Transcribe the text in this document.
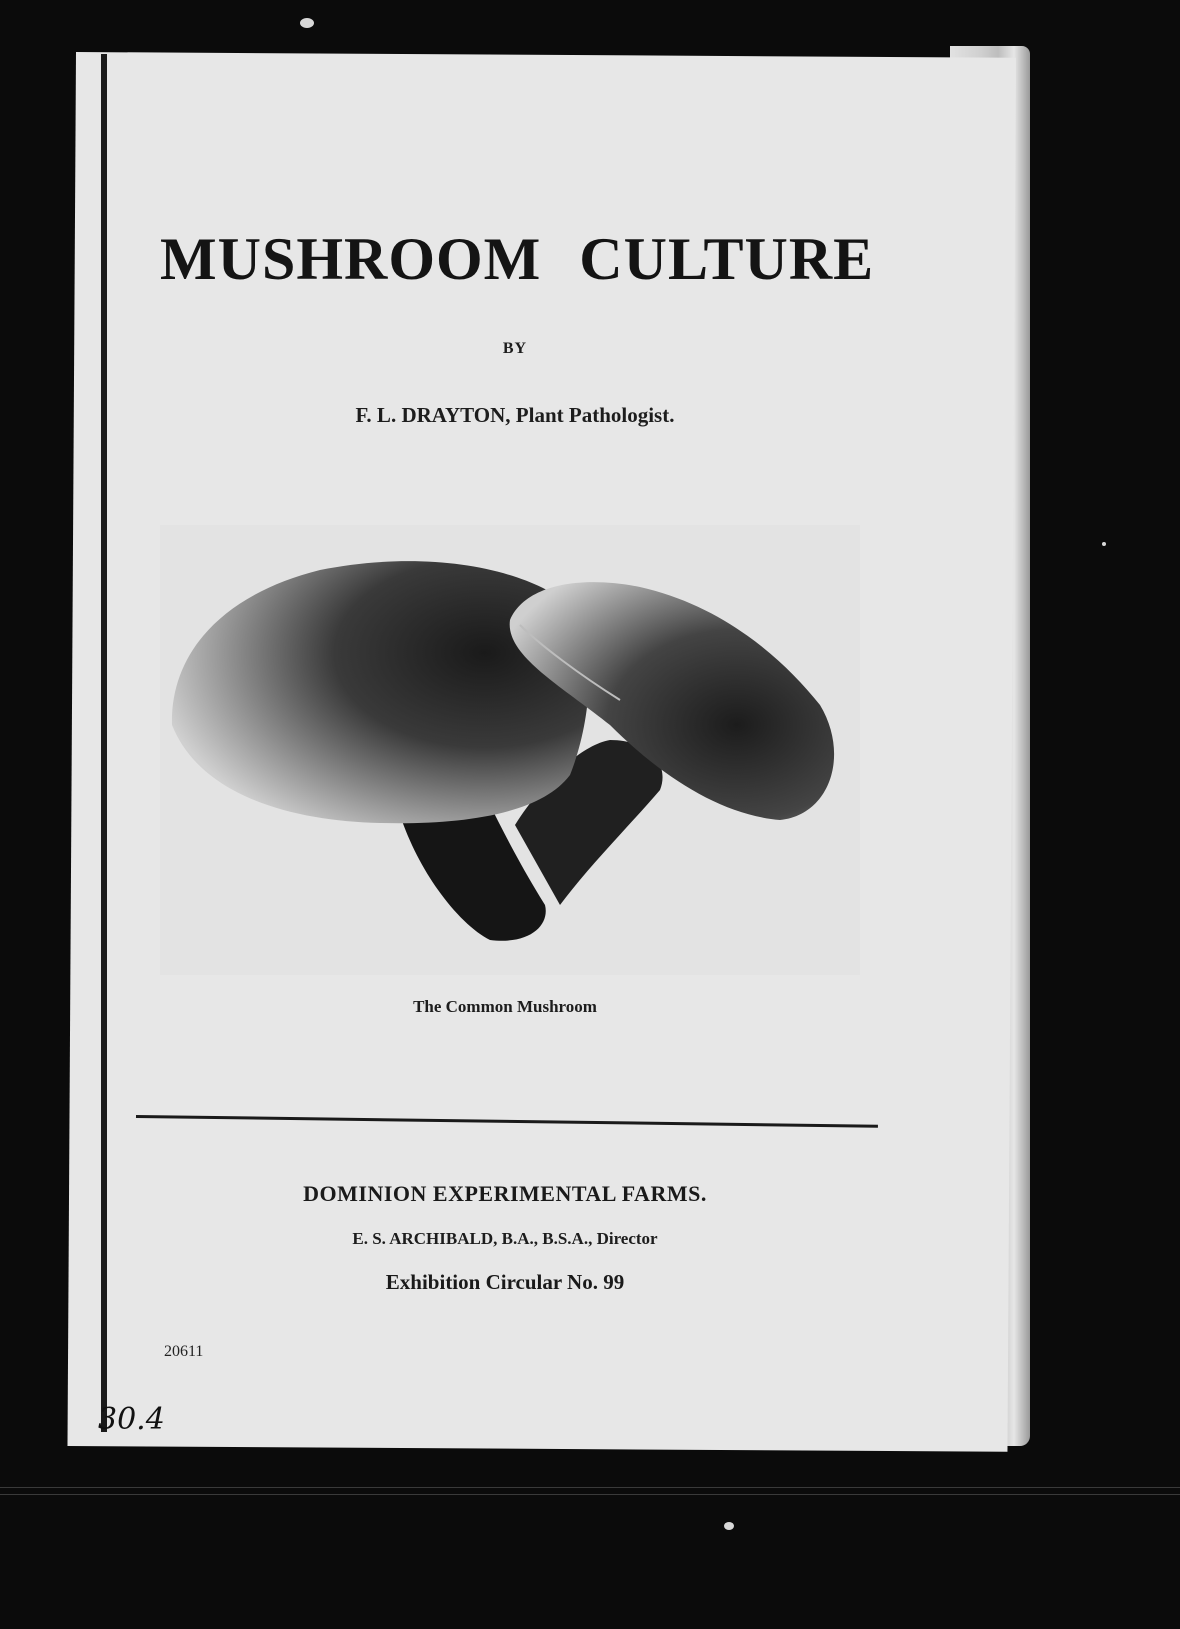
MUSHROOM CULTURE
BY
F. L. DRAYTON, Plant Pathologist.
The Common Mushroom
DOMINION EXPERIMENTAL FARMS.
E. S. ARCHIBALD, B.A., B.S.A., Director
Exhibition Circular No. 99
20611
30.4
